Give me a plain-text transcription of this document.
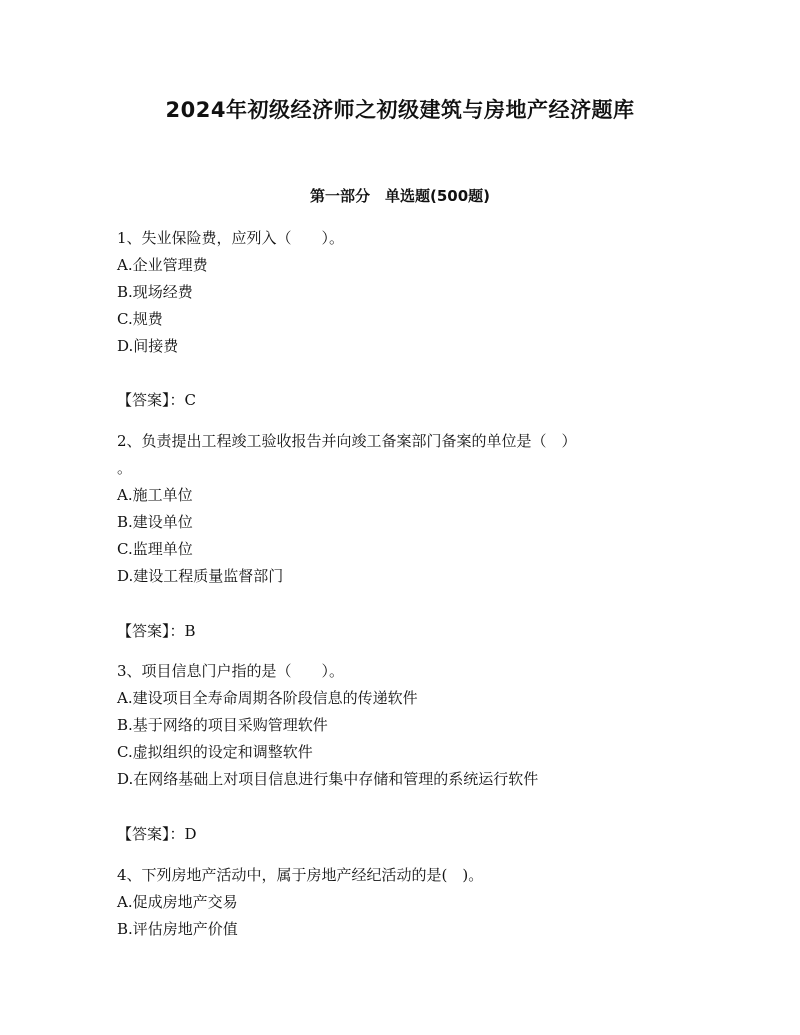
2024年初级经济师之初级建筑与房地产经济题库
第一部分　单选题(500题)
1、失业保险费，应列入（　　）。
A.企业管理费
B.现场经费
C.规费
D.间接费
【答案】：C
2、负责提出工程竣工验收报告并向竣工备案部门备案的单位是（　）
。
A.施工单位
B.建设单位
C.监理单位
D.建设工程质量监督部门
【答案】：B
3、项目信息门户指的是（　　）。
A.建设项目全寿命周期各阶段信息的传递软件
B.基于网络的项目采购管理软件
C.虚拟组织的设定和调整软件
D.在网络基础上对项目信息进行集中存储和管理的系统运行软件
【答案】：D
4、下列房地产活动中，属于房地产经纪活动的是(　)。
A.促成房地产交易
B.评估房地产价值
